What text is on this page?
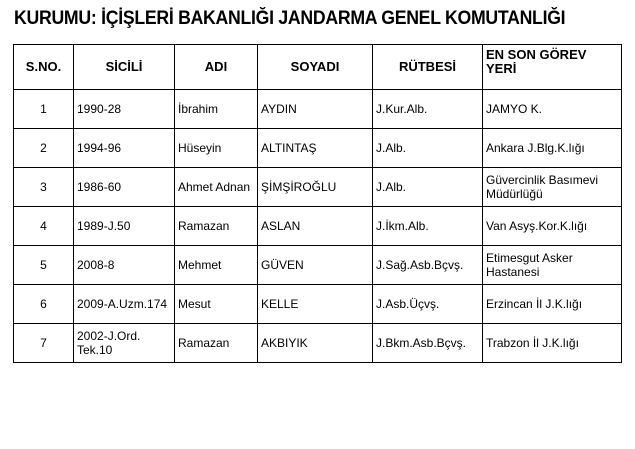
KURUMU: İÇİŞLERİ BAKANLIĞI JANDARMA GENEL KOMUTANLIĞI
S.NO.	SİCİLİ	ADI	SOYADI	RÜTBESİ	EN SON GÖREV YERİ
1	1990-28	İbrahim	AYDIN	J.Kur.Alb.	JAMYO K.
2	1994-96	Hüseyin	ALTINTAŞ	J.Alb.	Ankara J.Blg.K.lığı
3	1986-60	Ahmet Adnan	ŞİMŞİROĞLU	J.Alb.	Güvercinlik Basımevi Müdürlüğü
4	1989-J.50	Ramazan	ASLAN	J.İkm.Alb.	Van Asyş.Kor.K.lığı
5	2008-8	Mehmet	GÜVEN	J.Sağ.Asb.Bçvş.	Etimesgut Asker Hastanesi
6	2009-A.Uzm.174	Mesut	KELLE	J.Asb.Üçvş.	Erzincan İl J.K.lığı
7	2002-J.Ord. Tek.10	Ramazan	AKBIYIK	J.Bkm.Asb.Bçvş.	Trabzon İl J.K.lığı
